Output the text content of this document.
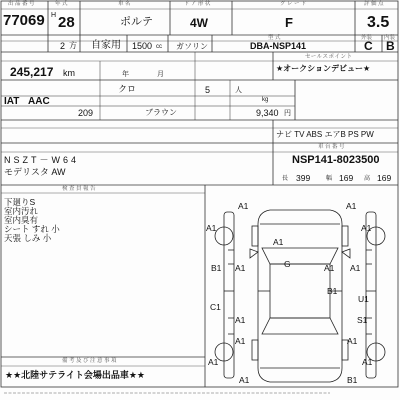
出品番号	年式	車名	ドア形状	グレード	評価点
77069 H 28	ポルテ	4W	F	3.5
型式	外装 内装
2 方 自家用 1500 cc ガソリン	DBA-NSP141	C B
セールスポイント
245,217 km	年	月
★オークションデビュー★
クロ	5	人
IAT AAC	kg
209	ブラウン	9,340 円
ナビ TV ABS エアB PS PW
車台番号
NSZT－W64
モデリスタ AW
NSP141-8023500
長 399	幅 169 高 169
検査員報告
下廻りS
室内汚れ
室内臭有
シート すれ 小
天張 しみ 小
備考及び注意事項
★★北陸サテライト会場出品車★★
A1	A1
A1	A1
A1
G
B1 A1	A1 A1
B1
U1
C1
S1
A1
A1	A1
A1	A1
A1	B1
